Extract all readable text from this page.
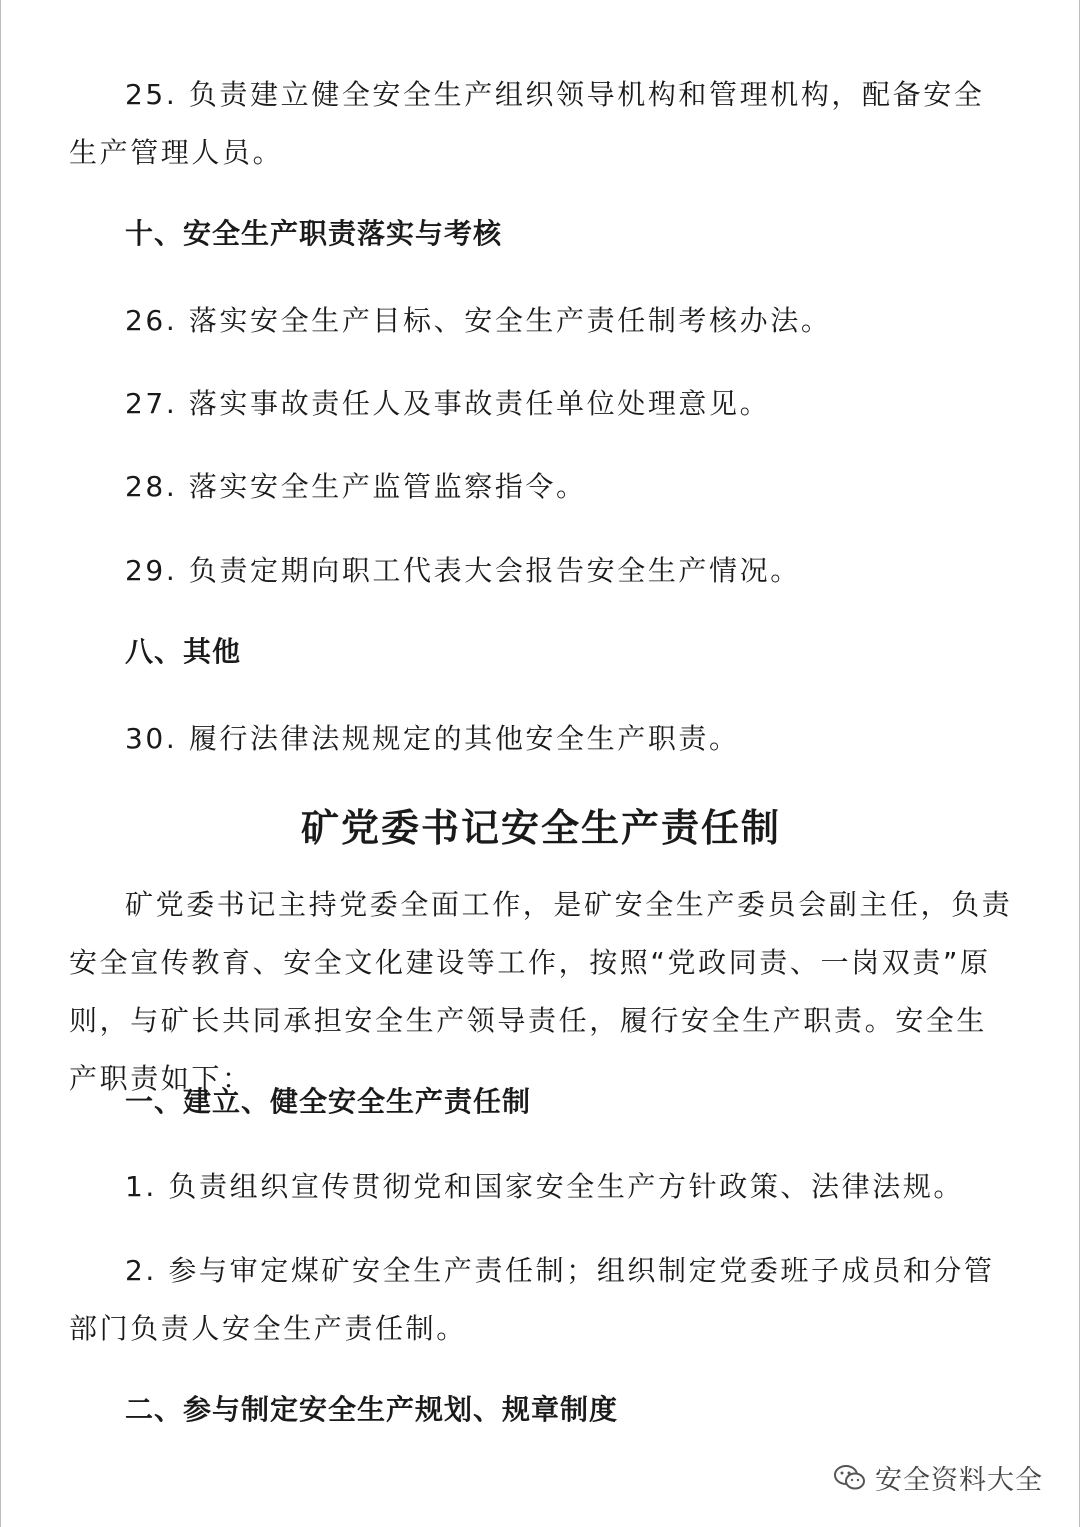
25. 负责建立健全安全生产组织领导机构和管理机构，配备安全生产管理人员。

十、安全生产职责落实与考核

26. 落实安全生产目标、安全生产责任制考核办法。

27. 落实事故责任人及事故责任单位处理意见。

28. 落实安全生产监管监察指令。

29. 负责定期向职工代表大会报告安全生产情况。

八、其他

30. 履行法律法规规定的其他安全生产职责。

矿党委书记安全生产责任制

矿党委书记主持党委全面工作，是矿安全生产委员会副主任，负责安全宣传教育、安全文化建设等工作，按照“党政同责、一岗双责”原则，与矿长共同承担安全生产领导责任，履行安全生产职责。安全生产职责如下：

一、建立、健全安全生产责任制

1. 负责组织宣传贯彻党和国家安全生产方针政策、法律法规。

2. 参与审定煤矿安全生产责任制；组织制定党委班子成员和分管部门负责人安全生产责任制。

二、参与制定安全生产规划、规章制度

安全资料大全
